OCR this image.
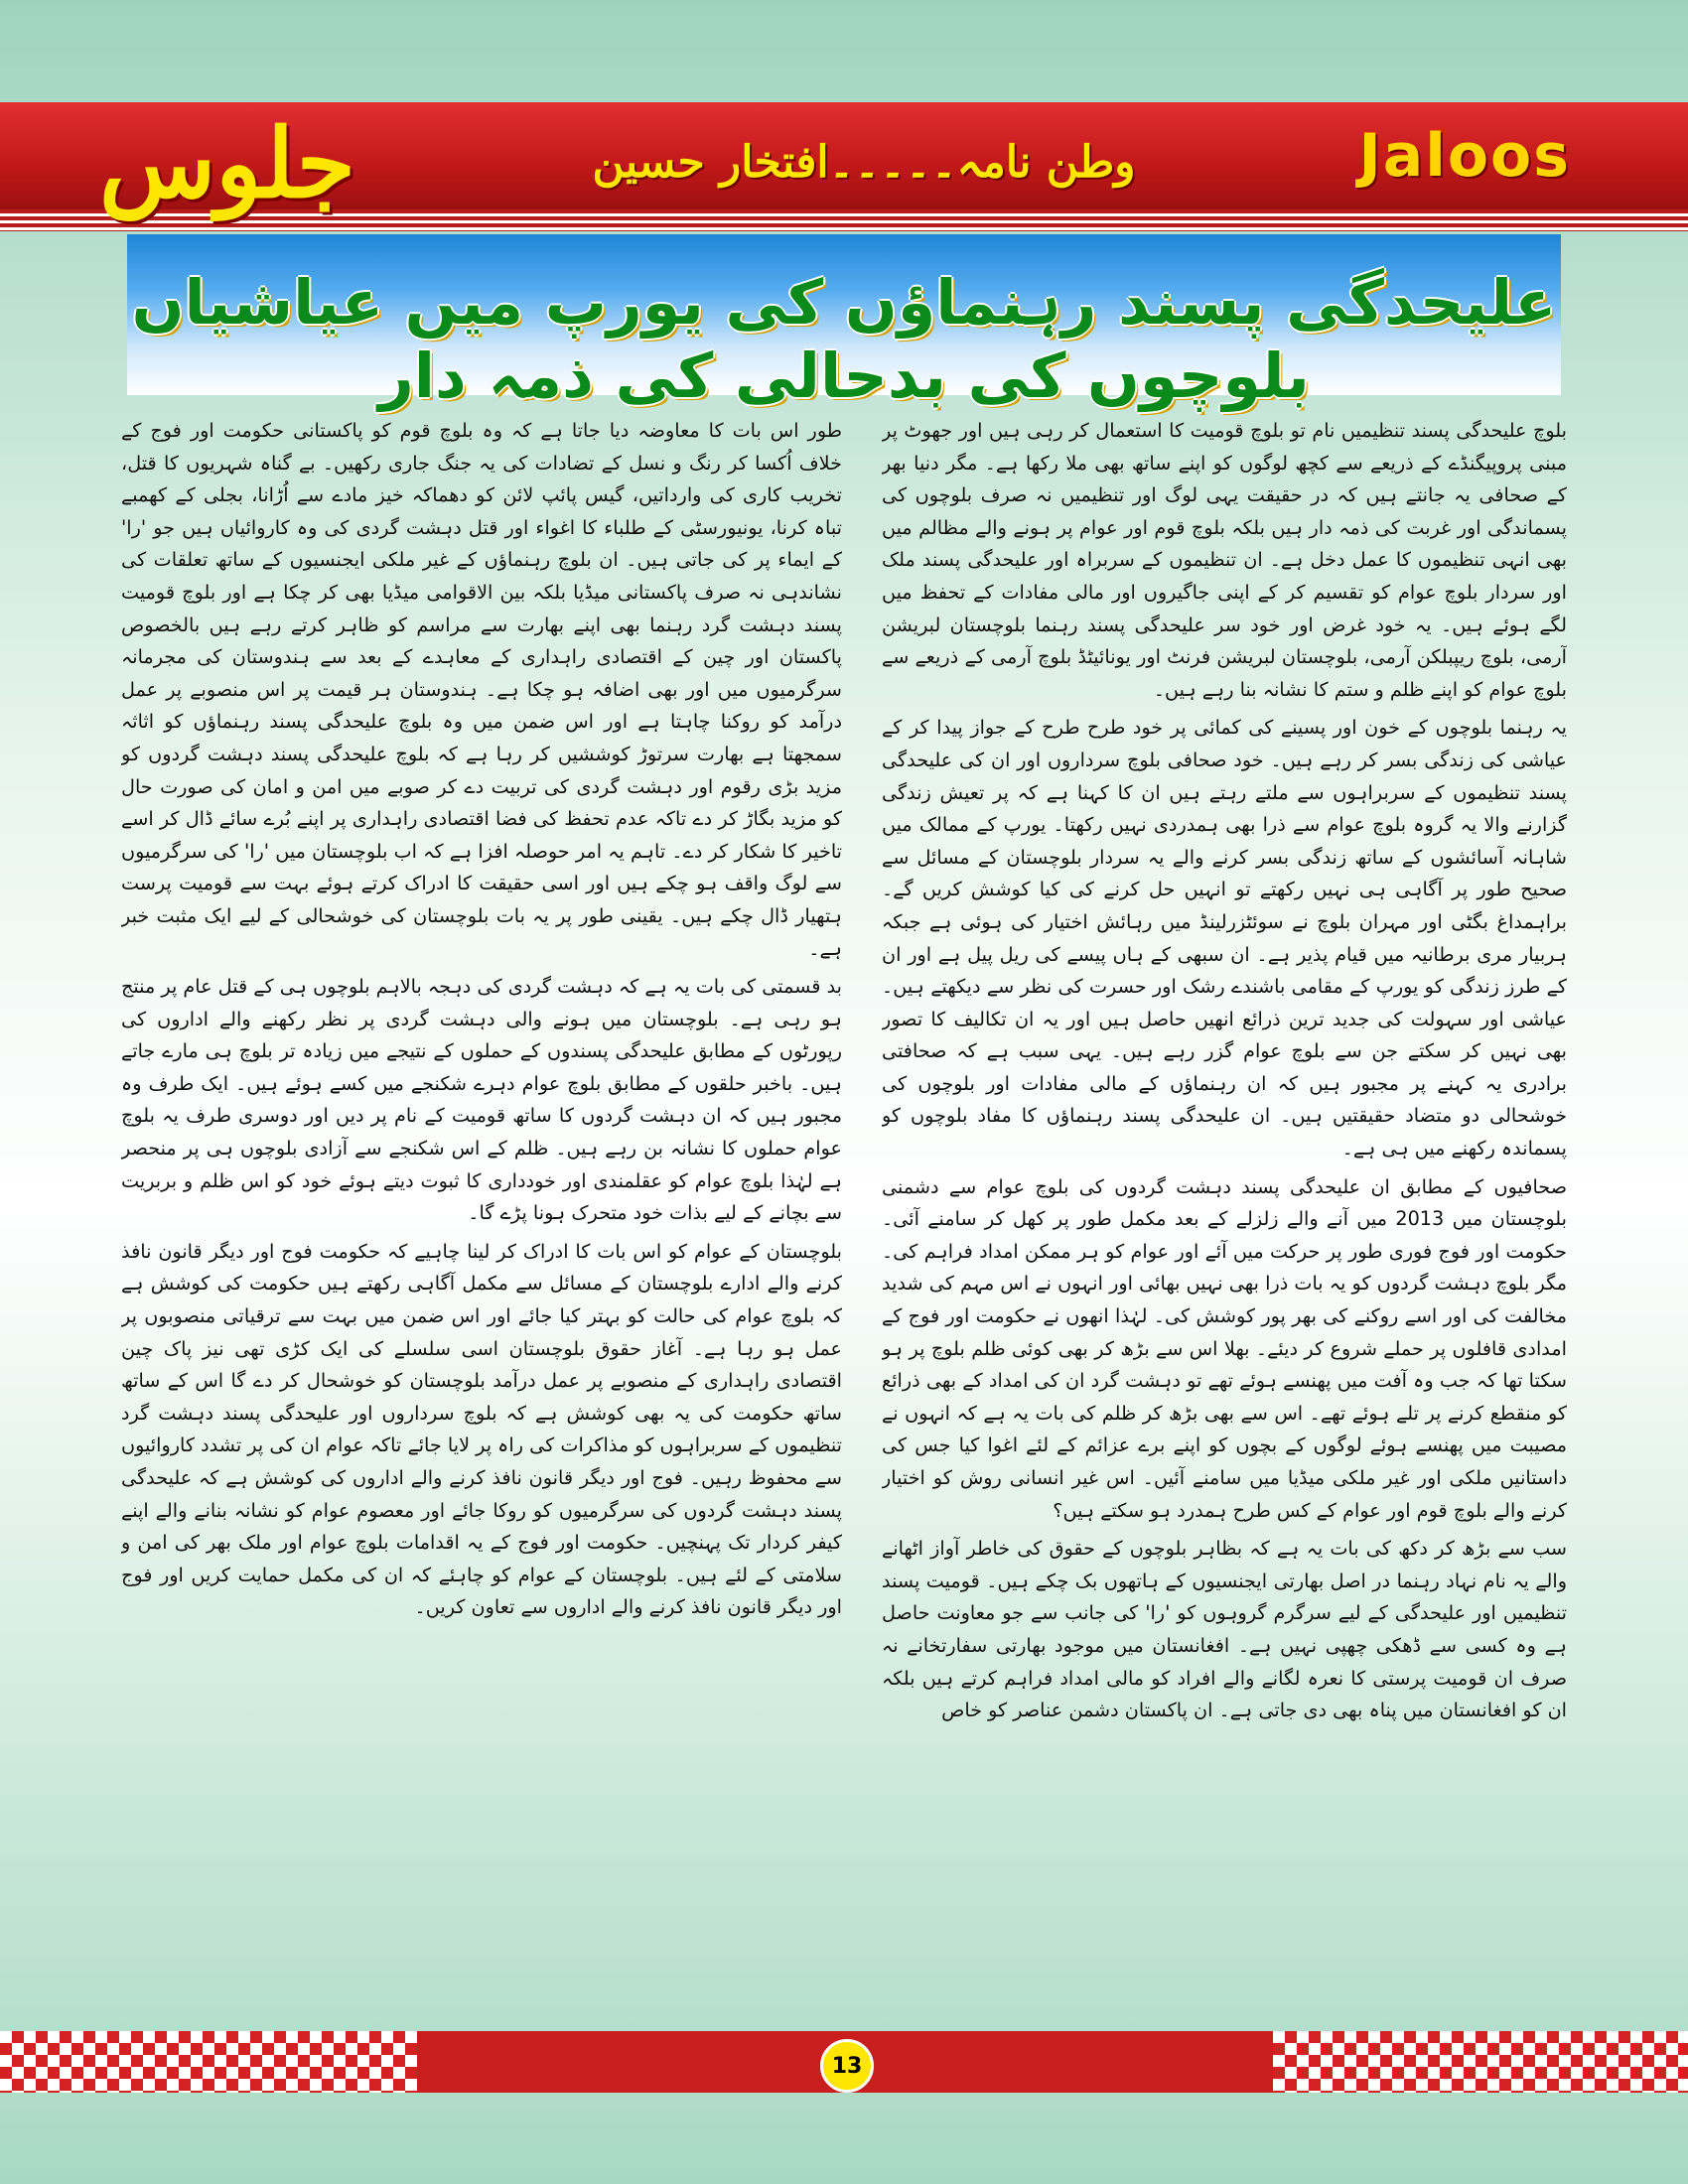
جلوس	وطن نامہ۔۔۔۔۔افتخار حسین	Jaloos
علیحدگی پسند رہنماؤں کی یورپ میں عیاشیاں بلوچوں کی بدحالی کی ذمہ دار

بلوچ علیحدگی پسند تنظیمیں نام تو بلوچ قومیت کا استعمال کر رہی ہیں اور جھوٹ پر مبنی پروپیگنڈے کے ذریعے سے کچھ لوگوں کو اپنے ساتھ بھی ملا رکھا ہے۔ مگر دنیا بھر کے صحافی یہ جانتے ہیں کہ در حقیقت یہی لوگ اور تنظیمیں نہ صرف بلوچوں کی پسماندگی اور غربت کی ذمہ دار ہیں بلکہ بلوچ قوم اور عوام پر ہونے والے مظالم میں بھی انہی تنظیموں کا عمل دخل ہے۔ ان تنظیموں کے سربراہ اور علیحدگی پسند ملک اور سردار بلوچ عوام کو تقسیم کر کے اپنی جاگیروں اور مالی مفادات کے تحفظ میں لگے ہوئے ہیں۔ یہ خود غرض اور خود سر علیحدگی پسند رہنما بلوچستان لبریشن آرمی، بلوچ ریپبلکن آرمی، بلوچستان لبریشن فرنٹ اور یونائیٹڈ بلوچ آرمی کے ذریعے سے بلوچ عوام کو اپنے ظلم و ستم کا نشانہ بنا رہے ہیں۔

یہ رہنما بلوچوں کے خون اور پسینے کی کمائی پر خود طرح طرح کے جواز پیدا کر کے عیاشی کی زندگی بسر کر رہے ہیں۔ خود صحافی بلوچ سرداروں اور ان کی علیحدگی پسند تنظیموں کے سربراہوں سے ملتے رہتے ہیں ان کا کہنا ہے کہ پر تعیش زندگی گزارنے والا یہ گروہ بلوچ عوام سے ذرا بھی ہمدردی نہیں رکھتا۔ یورپ کے ممالک میں شاہانہ آسائشوں کے ساتھ زندگی بسر کرنے والے یہ سردار بلوچستان کے مسائل سے صحیح طور پر آگاہی ہی نہیں رکھتے تو انہیں حل کرنے کی کیا کوشش کریں گے۔ براہمداغ بگٹی اور مہران بلوچ نے سوئٹزرلینڈ میں رہائش اختیار کی ہوئی ہے جبکہ ہربیار مری برطانیہ میں قیام پذیر ہے۔ ان سبھی کے ہاں پیسے کی ریل پیل ہے اور ان کے طرز زندگی کو یورپ کے مقامی باشندے رشک اور حسرت کی نظر سے دیکھتے ہیں۔ عیاشی اور سہولت کی جدید ترین ذرائع انھیں حاصل ہیں اور یہ ان تکالیف کا تصور بھی نہیں کر سکتے جن سے بلوچ عوام گزر رہے ہیں۔ یہی سبب ہے کہ صحافتی برادری یہ کہنے پر مجبور ہیں کہ ان رہنماؤں کے مالی مفادات اور بلوچوں کی خوشحالی دو متضاد حقیقتیں ہیں۔ ان علیحدگی پسند رہنماؤں کا مفاد بلوچوں کو پسماندہ رکھنے میں ہی ہے۔

صحافیوں کے مطابق ان علیحدگی پسند دہشت گردوں کی بلوچ عوام سے دشمنی بلوچستان میں 2013 میں آنے والے زلزلے کے بعد مکمل طور پر کھل کر سامنے آئی۔ حکومت اور فوج فوری طور پر حرکت میں آئے اور عوام کو ہر ممکن امداد فراہم کی۔ مگر بلوچ دہشت گردوں کو یہ بات ذرا بھی نہیں بھائی اور انہوں نے اس مہم کی شدید مخالفت کی اور اسے روکنے کی بھر پور کوشش کی۔ لہٰذا انھوں نے حکومت اور فوج کے امدادی قافلوں پر حملے شروع کر دیئے۔ بھلا اس سے بڑھ کر بھی کوئی ظلم بلوچ پر ہو سکتا تھا کہ جب وہ آفت میں پھنسے ہوئے تھے تو دہشت گرد ان کی امداد کے بھی ذرائع کو منقطع کرنے پر تلے ہوئے تھے۔ اس سے بھی بڑھ کر ظلم کی بات یہ ہے کہ انہوں نے مصیبت میں پھنسے ہوئے لوگوں کے بچوں کو اپنے برے عزائم کے لئے اغوا کیا جس کی داستانیں ملکی اور غیر ملکی میڈیا میں سامنے آئیں۔ اس غیر انسانی روش کو اختیار کرنے والے بلوچ قوم اور عوام کے کس طرح ہمدرد ہو سکتے ہیں؟

سب سے بڑھ کر دکھ کی بات یہ ہے کہ بظاہر بلوچوں کے حقوق کی خاطر آواز اٹھانے والے یہ نام نہاد رہنما در اصل بھارتی ایجنسیوں کے ہاتھوں بک چکے ہیں۔ قومیت پسند تنظیمیں اور علیحدگی کے لیے سرگرم گروہوں کو 'را' کی جانب سے جو معاونت حاصل ہے وہ کسی سے ڈھکی چھپی نہیں ہے۔ افغانستان میں موجود بھارتی سفارتخانے نہ صرف ان قومیت پرستی کا نعرہ لگانے والے افراد کو مالی امداد فراہم کرتے ہیں بلکہ ان کو افغانستان میں پناہ بھی دی جاتی ہے۔ ان پاکستان دشمن عناصر کو خاص

طور اس بات کا معاوضہ دیا جاتا ہے کہ وہ بلوچ قوم کو پاکستانی حکومت اور فوج کے خلاف اُکسا کر رنگ و نسل کے تضادات کی یہ جنگ جاری رکھیں۔ بے گناہ شہریوں کا قتل، تخریب کاری کی وارداتیں، گیس پائپ لائن کو دھماکہ خیز مادے سے اُڑانا، بجلی کے کھمبے تباہ کرنا، یونیورسٹی کے طلباء کا اغواء اور قتل دہشت گردی کی وہ کاروائیاں ہیں جو 'را' کے ایماء پر کی جاتی ہیں۔ ان بلوچ رہنماؤں کے غیر ملکی ایجنسیوں کے ساتھ تعلقات کی نشاندہی نہ صرف پاکستانی میڈیا بلکہ بین الاقوامی میڈیا بھی کر چکا ہے اور بلوچ قومیت پسند دہشت گرد رہنما بھی اپنے بھارت سے مراسم کو ظاہر کرتے رہے ہیں بالخصوص پاکستان اور چین کے اقتصادی راہداری کے معاہدے کے بعد سے ہندوستان کی مجرمانہ سرگرمیوں میں اور بھی اضافہ ہو چکا ہے۔ ہندوستان ہر قیمت پر اس منصوبے پر عمل درآمد کو روکنا چاہتا ہے اور اس ضمن میں وہ بلوچ علیحدگی پسند رہنماؤں کو اثاثہ سمجھتا ہے بھارت سرتوڑ کوششیں کر رہا ہے کہ بلوچ علیحدگی پسند دہشت گردوں کو مزید بڑی رقوم اور دہشت گردی کی تربیت دے کر صوبے میں امن و امان کی صورت حال کو مزید بگاڑ کر دے تاکہ عدم تحفظ کی فضا اقتصادی راہداری پر اپنے بُرے سائے ڈال کر اسے تاخیر کا شکار کر دے۔ تاہم یہ امر حوصلہ افزا ہے کہ اب بلوچستان میں 'را' کی سرگرمیوں سے لوگ واقف ہو چکے ہیں اور اسی حقیقت کا ادراک کرتے ہوئے بہت سے قومیت پرست ہتھیار ڈال چکے ہیں۔ یقینی طور پر یہ بات بلوچستان کی خوشحالی کے لیے ایک مثبت خبر ہے۔

بد قسمتی کی بات یہ ہے کہ دہشت گردی کی دہجہ بالاہم بلوچوں ہی کے قتل عام پر منتج ہو رہی ہے۔ بلوچستان میں ہونے والی دہشت گردی پر نظر رکھنے والے اداروں کی رپورٹوں کے مطابق علیحدگی پسندوں کے حملوں کے نتیجے میں زیادہ تر بلوچ ہی مارے جاتے ہیں۔ باخبر حلقوں کے مطابق بلوچ عوام دہرے شکنجے میں کسے ہوئے ہیں۔ ایک طرف وہ مجبور ہیں کہ ان دہشت گردوں کا ساتھ قومیت کے نام پر دیں اور دوسری طرف یہ بلوچ عوام حملوں کا نشانہ بن رہے ہیں۔ ظلم کے اس شکنجے سے آزادی بلوچوں ہی پر منحصر ہے لہٰذا بلوچ عوام کو عقلمندی اور خودداری کا ثبوت دیتے ہوئے خود کو اس ظلم و بربریت سے بچانے کے لیے بذات خود متحرک ہونا پڑے گا۔

بلوچستان کے عوام کو اس بات کا ادراک کر لینا چاہیے کہ حکومت فوج اور دیگر قانون نافذ کرنے والے ادارے بلوچستان کے مسائل سے مکمل آگاہی رکھتے ہیں حکومت کی کوشش ہے کہ بلوچ عوام کی حالت کو بہتر کیا جائے اور اس ضمن میں بہت سے ترقیاتی منصوبوں پر عمل ہو رہا ہے۔ آغاز حقوق بلوچستان اسی سلسلے کی ایک کڑی تھی نیز پاک چین اقتصادی راہداری کے منصوبے پر عمل درآمد بلوچستان کو خوشحال کر دے گا اس کے ساتھ ساتھ حکومت کی یہ بھی کوشش ہے کہ بلوچ سرداروں اور علیحدگی پسند دہشت گرد تنظیموں کے سربراہوں کو مذاکرات کی راہ پر لایا جائے تاکہ عوام ان کی پر تشدد کاروائیوں سے محفوظ رہیں۔ فوج اور دیگر قانون نافذ کرنے والے اداروں کی کوشش ہے کہ علیحدگی پسند دہشت گردوں کی سرگرمیوں کو روکا جائے اور معصوم عوام کو نشانہ بنانے والے اپنے کیفر کردار تک پہنچیں۔ حکومت اور فوج کے یہ اقدامات بلوچ عوام اور ملک بھر کی امن و سلامتی کے لئے ہیں۔ بلوچستان کے عوام کو چاہئے کہ ان کی مکمل حمایت کریں اور فوج اور دیگر قانون نافذ کرنے والے اداروں سے تعاون کریں۔

13
